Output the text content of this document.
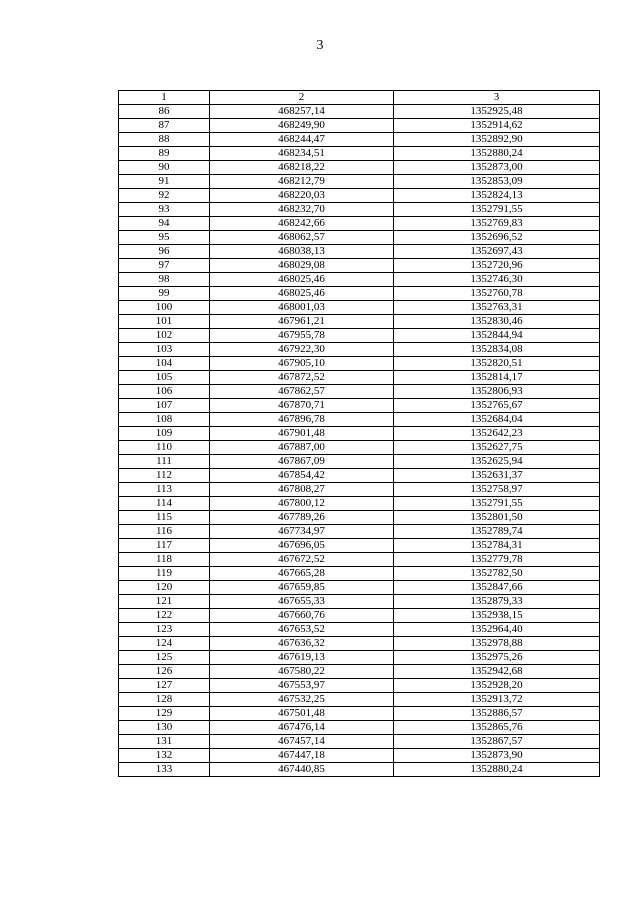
3
1	2	3
86	468257,14	1352925,48
87	468249,90	1352914,62
88	468244,47	1352892,90
89	468234,51	1352880,24
90	468218,22	1352873,00
91	468212,79	1352853,09
92	468220,03	1352824,13
93	468232,70	1352791,55
94	468242,66	1352769,83
95	468062,57	1352696,52
96	468038,13	1352697,43
97	468029,08	1352720,96
98	468025,46	1352746,30
99	468025,46	1352760,78
100	468001,03	1352763,31
101	467961,21	1352830,46
102	467955,78	1352844,94
103	467922,30	1352834,08
104	467905,10	1352820,51
105	467872,52	1352814,17
106	467862,57	1352806,93
107	467870,71	1352765,67
108	467896,78	1352684,04
109	467901,48	1352642,23
110	467887,00	1352627,75
111	467867,09	1352625,94
112	467854,42	1352631,37
113	467808,27	1352758,97
114	467800,12	1352791,55
115	467789,26	1352801,50
116	467734,97	1352789,74
117	467696,05	1352784,31
118	467672,52	1352779,78
119	467665,28	1352782,50
120	467659,85	1352847,66
121	467655,33	1352879,33
122	467660,76	1352938,15
123	467653,52	1352964,40
124	467636,32	1352978,88
125	467619,13	1352975,26
126	467580,22	1352942,68
127	467553,97	1352928,20
128	467532,25	1352913,72
129	467501,48	1352886,57
130	467476,14	1352865,76
131	467457,14	1352867,57
132	467447,18	1352873,90
133	467440,85	1352880,24
